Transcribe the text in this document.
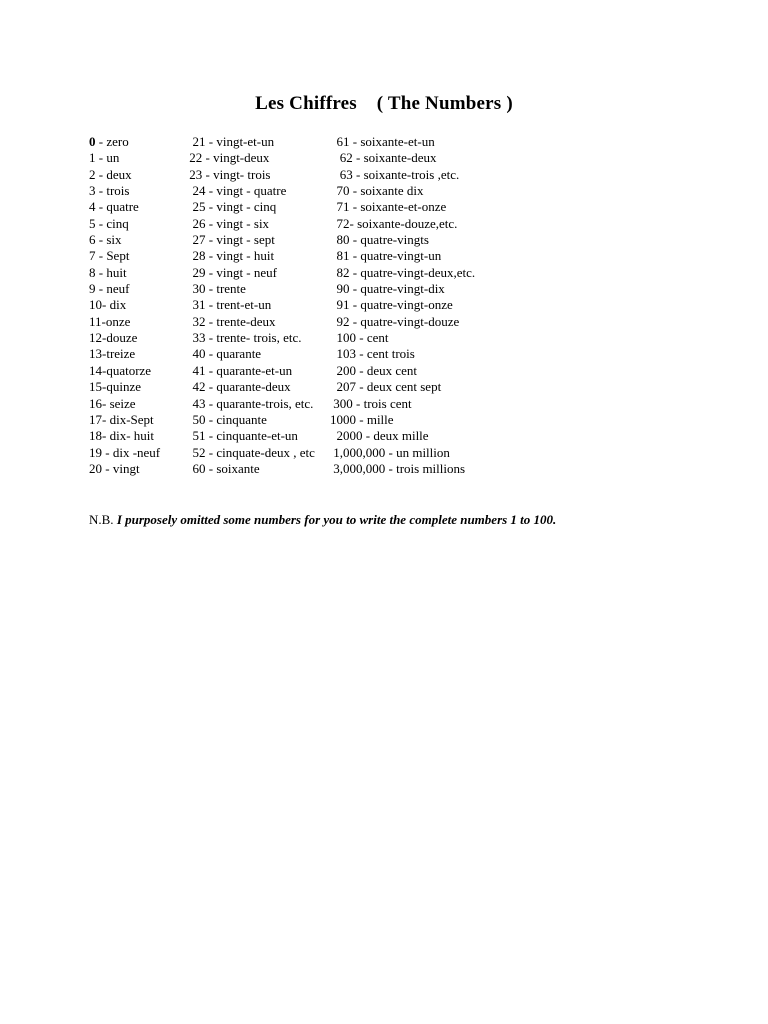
Les Chiffres    ( The Numbers )
0 - zero
1 - un
2 - deux
3 - trois
4 - quatre
5 - cinq
6 - six
7 - Sept
8 - huit
9 - neuf
10- dix
11-onze
12-douze
13-treize
14-quatorze
15-quinze
16- seize
17- dix-Sept
18- dix- huit
19 - dix -neuf
20 - vingt
21 - vingt-et-un
22 - vingt-deux
23 - vingt- trois
24 - vingt - quatre
25 - vingt - cinq
26 - vingt - six
27 - vingt - sept
28 - vingt - huit
29 - vingt - neuf
30 - trente
31 - trent-et-un
32 - trente-deux
33 - trente- trois, etc.
40 - quarante
41 - quarante-et-un
42 - quarante-deux
43 - quarante-trois, etc.
50 - cinquante
51 - cinquante-et-un
52 - cinquate-deux , etc
60 - soixante
61 - soixante-et-un
62 - soixante-deux
63 - soixante-trois ,etc.
70 - soixante dix
71 - soixante-et-onze
72- soixante-douze,etc.
80 - quatre-vingts
81 - quatre-vingt-un
82 - quatre-vingt-deux,etc.
90 - quatre-vingt-dix
91 - quatre-vingt-onze
92 - quatre-vingt-douze
100 - cent
103 - cent trois
200 - deux cent
207 - deux cent sept
300 - trois cent
1000 - mille
2000 - deux mille
1,000,000 - un million
3,000,000 - trois millions
N.B. I purposely omitted some numbers for you to write the complete numbers 1 to 100.
